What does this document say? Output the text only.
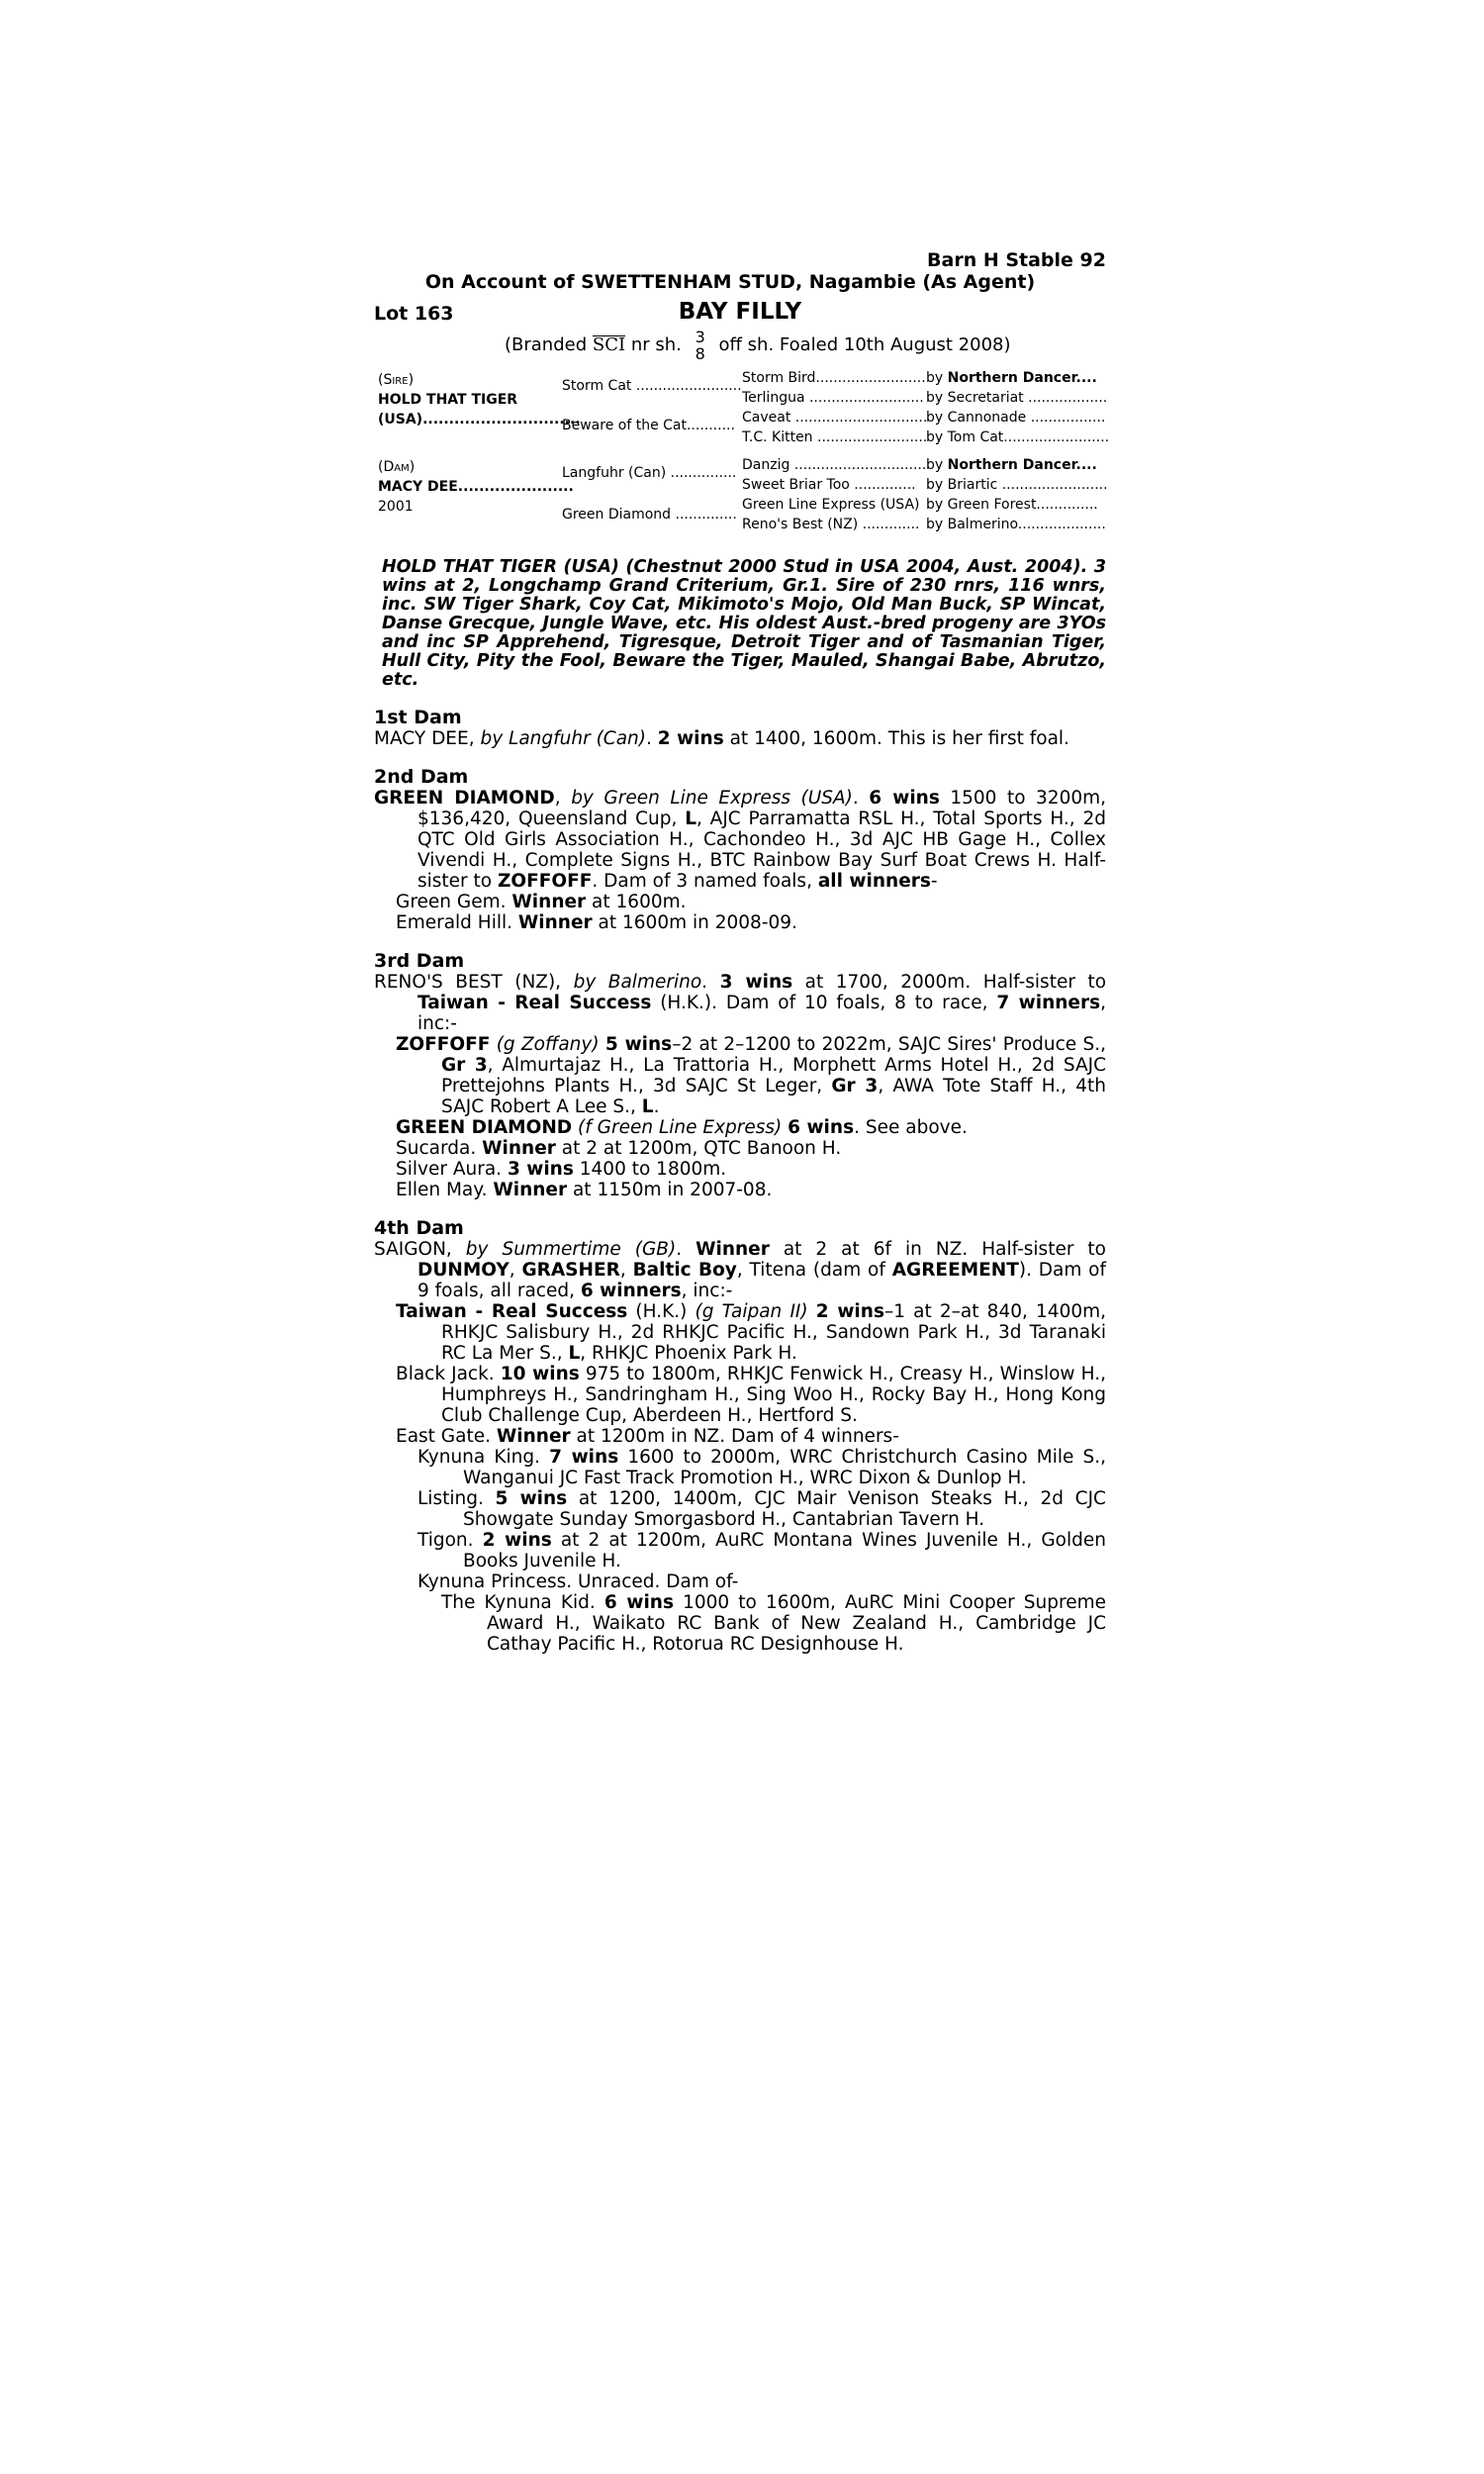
Barn H Stable 92
On Account of SWETTENHAM STUD, Nagambie (As Agent)
Lot 163	BAY FILLY
(Branded SCI nr sh. 3
8 off sh. Foaled 10th August 2008)
(Sire)
HOLD THAT TIGER
(USA)..............................
(Dam)
MACY DEE......................
2001
Storm Cat ........................
Beware of the Cat...........
Langfuhr (Can) ...............
Green Diamond ..............
Storm Bird.........................
Terlingua ..........................
Caveat ..............................
T.C. Kitten .........................
Danzig ..............................
Sweet Briar Too ..............
Green Line Express (USA)
Reno's Best (NZ) .............
by Northern Dancer....
by Secretariat ..................
by Cannonade .................
by Tom Cat........................
by Northern Dancer....
by Briartic ........................
by Green Forest..............
by Balmerino....................
HOLD THAT TIGER (USA) (Chestnut 2000 Stud in USA 2004, Aust. 2004). 3 wins at 2, Longchamp Grand Criterium, Gr.1. Sire of 230 rnrs, 116 wnrs, inc. SW Tiger Shark, Coy Cat, Mikimoto's Mojo, Old Man Buck, SP Wincat, Danse Grecque, Jungle Wave, etc. His oldest Aust.-bred progeny are 3YOs and inc SP Apprehend, Tigresque, Detroit Tiger and of Tasmanian Tiger, Hull City, Pity the Fool, Beware the Tiger, Mauled, Shangai Babe, Abrutzo, etc.
1st Dam
MACY DEE, by Langfuhr (Can). 2 wins at 1400, 1600m. This is her first foal.
2nd Dam
GREEN DIAMOND, by Green Line Express (USA). 6 wins 1500 to 3200m, $136,420, Queensland Cup, L, AJC Parramatta RSL H., Total Sports H., 2d QTC Old Girls Association H., Cachondeo H., 3d AJC HB Gage H., Collex Vivendi H., Complete Signs H., BTC Rainbow Bay Surf Boat Crews H. Half-sister to ZOFFOFF. Dam of 3 named foals, all winners-
Green Gem. Winner at 1600m.
Emerald Hill. Winner at 1600m in 2008-09.
3rd Dam
RENO'S BEST (NZ), by Balmerino. 3 wins at 1700, 2000m. Half-sister to Taiwan - Real Success (H.K.). Dam of 10 foals, 8 to race, 7 winners, inc:-
ZOFFOFF (g Zoffany) 5 wins–2 at 2–1200 to 2022m, SAJC Sires' Produce S., Gr 3, Almurtajaz H., La Trattoria H., Morphett Arms Hotel H., 2d SAJC Prettejohns Plants H., 3d SAJC St Leger, Gr 3, AWA Tote Staff H., 4th SAJC Robert A Lee S., L.
GREEN DIAMOND (f Green Line Express) 6 wins. See above.
Sucarda. Winner at 2 at 1200m, QTC Banoon H.
Silver Aura. 3 wins 1400 to 1800m.
Ellen May. Winner at 1150m in 2007-08.
4th Dam
SAIGON, by Summertime (GB). Winner at 2 at 6f in NZ. Half-sister to DUNMOY, GRASHER, Baltic Boy, Titena (dam of AGREEMENT). Dam of 9 foals, all raced, 6 winners, inc:-
Taiwan - Real Success (H.K.) (g Taipan II) 2 wins–1 at 2–at 840, 1400m, RHKJC Salisbury H., 2d RHKJC Pacific H., Sandown Park H., 3d Taranaki RC La Mer S., L, RHKJC Phoenix Park H.
Black Jack. 10 wins 975 to 1800m, RHKJC Fenwick H., Creasy H., Winslow H., Humphreys H., Sandringham H., Sing Woo H., Rocky Bay H., Hong Kong Club Challenge Cup, Aberdeen H., Hertford S.
East Gate. Winner at 1200m in NZ. Dam of 4 winners-
Kynuna King. 7 wins 1600 to 2000m, WRC Christchurch Casino Mile S., Wanganui JC Fast Track Promotion H., WRC Dixon & Dunlop H.
Listing. 5 wins at 1200, 1400m, CJC Mair Venison Steaks H., 2d CJC Showgate Sunday Smorgasbord H., Cantabrian Tavern H.
Tigon. 2 wins at 2 at 1200m, AuRC Montana Wines Juvenile H., Golden Books Juvenile H.
Kynuna Princess. Unraced. Dam of-
The Kynuna Kid. 6 wins 1000 to 1600m, AuRC Mini Cooper Supreme Award H., Waikato RC Bank of New Zealand H., Cambridge JC Cathay Pacific H., Rotorua RC Designhouse H.
